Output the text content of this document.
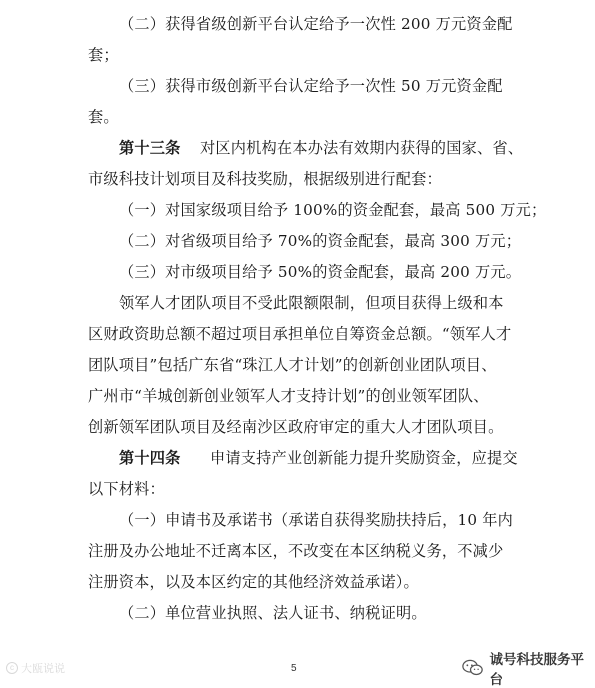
（二）获得省级创新平台认定给予一次性 200 万元资金配
套；
（三）获得市级创新平台认定给予一次性 50 万元资金配
套。
第十三条 对区内机构在本办法有效期内获得的国家、省、
市级科技计划项目及科技奖励，根据级别进行配套：
（一）对国家级项目给予 100%的资金配套，最高 500 万元；
（二）对省级项目给予 70%的资金配套，最高 300 万元；
（三）对市级项目给予 50%的资金配套，最高 200 万元。
领军人才团队项目不受此限额限制，但项目获得上级和本
区财政资助总额不超过项目承担单位自筹资金总额。“领军人才
团队项目”包括广东省“珠江人才计划”的创新创业团队项目、
广州市“羊城创新创业领军人才支持计划”的创业领军团队、
创新领军团队项目及经南沙区政府审定的重大人才团队项目。
第十四条 申请支持产业创新能力提升奖励资金，应提交
以下材料：
（一）申请书及承诺书（承诺自获得奖励扶持后，10 年内
注册及办公地址不迁离本区，不改变在本区纳税义务，不减少
注册资本，以及本区约定的其他经济效益承诺）。
（二）单位营业执照、法人证书、纳税证明。
5
c 大瓯说说
诚号科技服务平台
